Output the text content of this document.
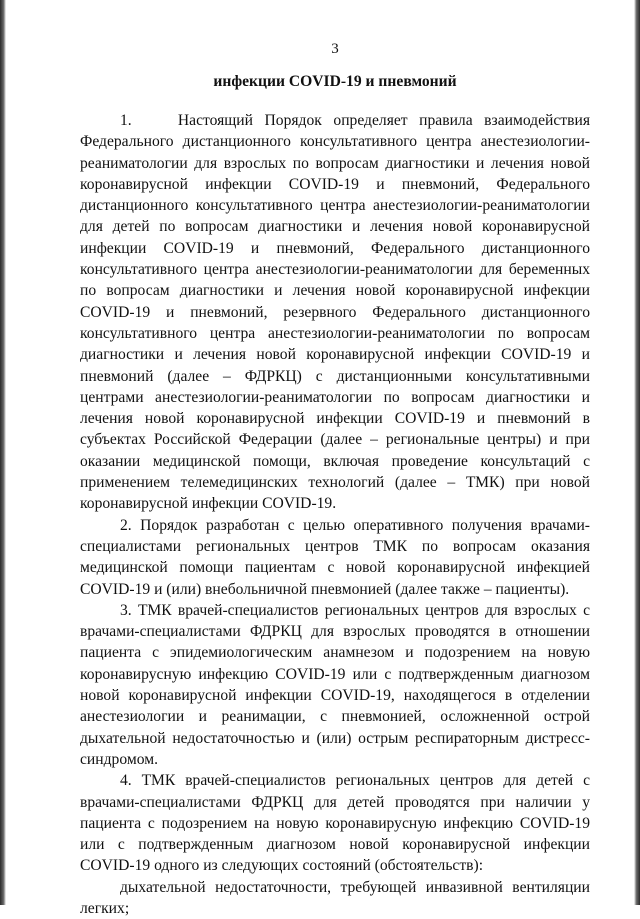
3
инфекции COVID-19 и пневмоний

1.    Настоящий Порядок определяет правила взаимодействия Федерального дистанционного консультативного центра анестезиологии-реаниматологии для взрослых по вопросам диагностики и лечения новой коронавирусной инфекции COVID-19 и пневмоний, Федерального дистанционного консультативного центра анестезиологии-реаниматологии для детей по вопросам диагностики и лечения новой коронавирусной инфекции COVID-19 и пневмоний, Федерального дистанционного консультативного центра анестезиологии-реаниматологии для беременных по вопросам диагностики и лечения новой коронавирусной инфекции COVID-19 и пневмоний, резервного Федерального дистанционного консультативного центра анестезиологии-реаниматологии по вопросам диагностики и лечения новой коронавирусной инфекции COVID-19 и пневмоний (далее – ФДРКЦ) с дистанционными консультативными центрами анестезиологии-реаниматологии по вопросам диагностики и лечения новой коронавирусной инфекции COVID-19 и пневмоний в субъектах Российской Федерации (далее – региональные центры) и при оказании медицинской помощи, включая проведение консультаций с применением телемедицинских технологий (далее – ТМК) при новой коронавирусной инфекции COVID-19.

2. Порядок разработан с целью оперативного получения врачами-специалистами региональных центров ТМК по вопросам оказания медицинской помощи пациентам с новой коронавирусной инфекцией COVID-19 и (или) внебольничной пневмонией (далее также – пациенты).

3. ТМК врачей-специалистов региональных центров для взрослых с врачами-специалистами ФДРКЦ для взрослых проводятся в отношении пациента с эпидемиологическим анамнезом и подозрением на новую коронавирусную инфекцию COVID-19 или с подтвержденным диагнозом новой коронавирусной инфекции COVID-19, находящегося в отделении анестезиологии и реанимации, с пневмонией, осложненной острой дыхательной недостаточностью и (или) острым респираторным дистресс-синдромом.

4. ТМК врачей-специалистов региональных центров для детей с врачами-специалистами ФДРКЦ для детей проводятся при наличии у пациента с подозрением на новую коронавирусную инфекцию COVID-19 или с подтвержденным диагнозом новой коронавирусной инфекции COVID-19 одного из следующих состояний (обстоятельств):

дыхательной недостаточности, требующей инвазивной вентиляции легких;
